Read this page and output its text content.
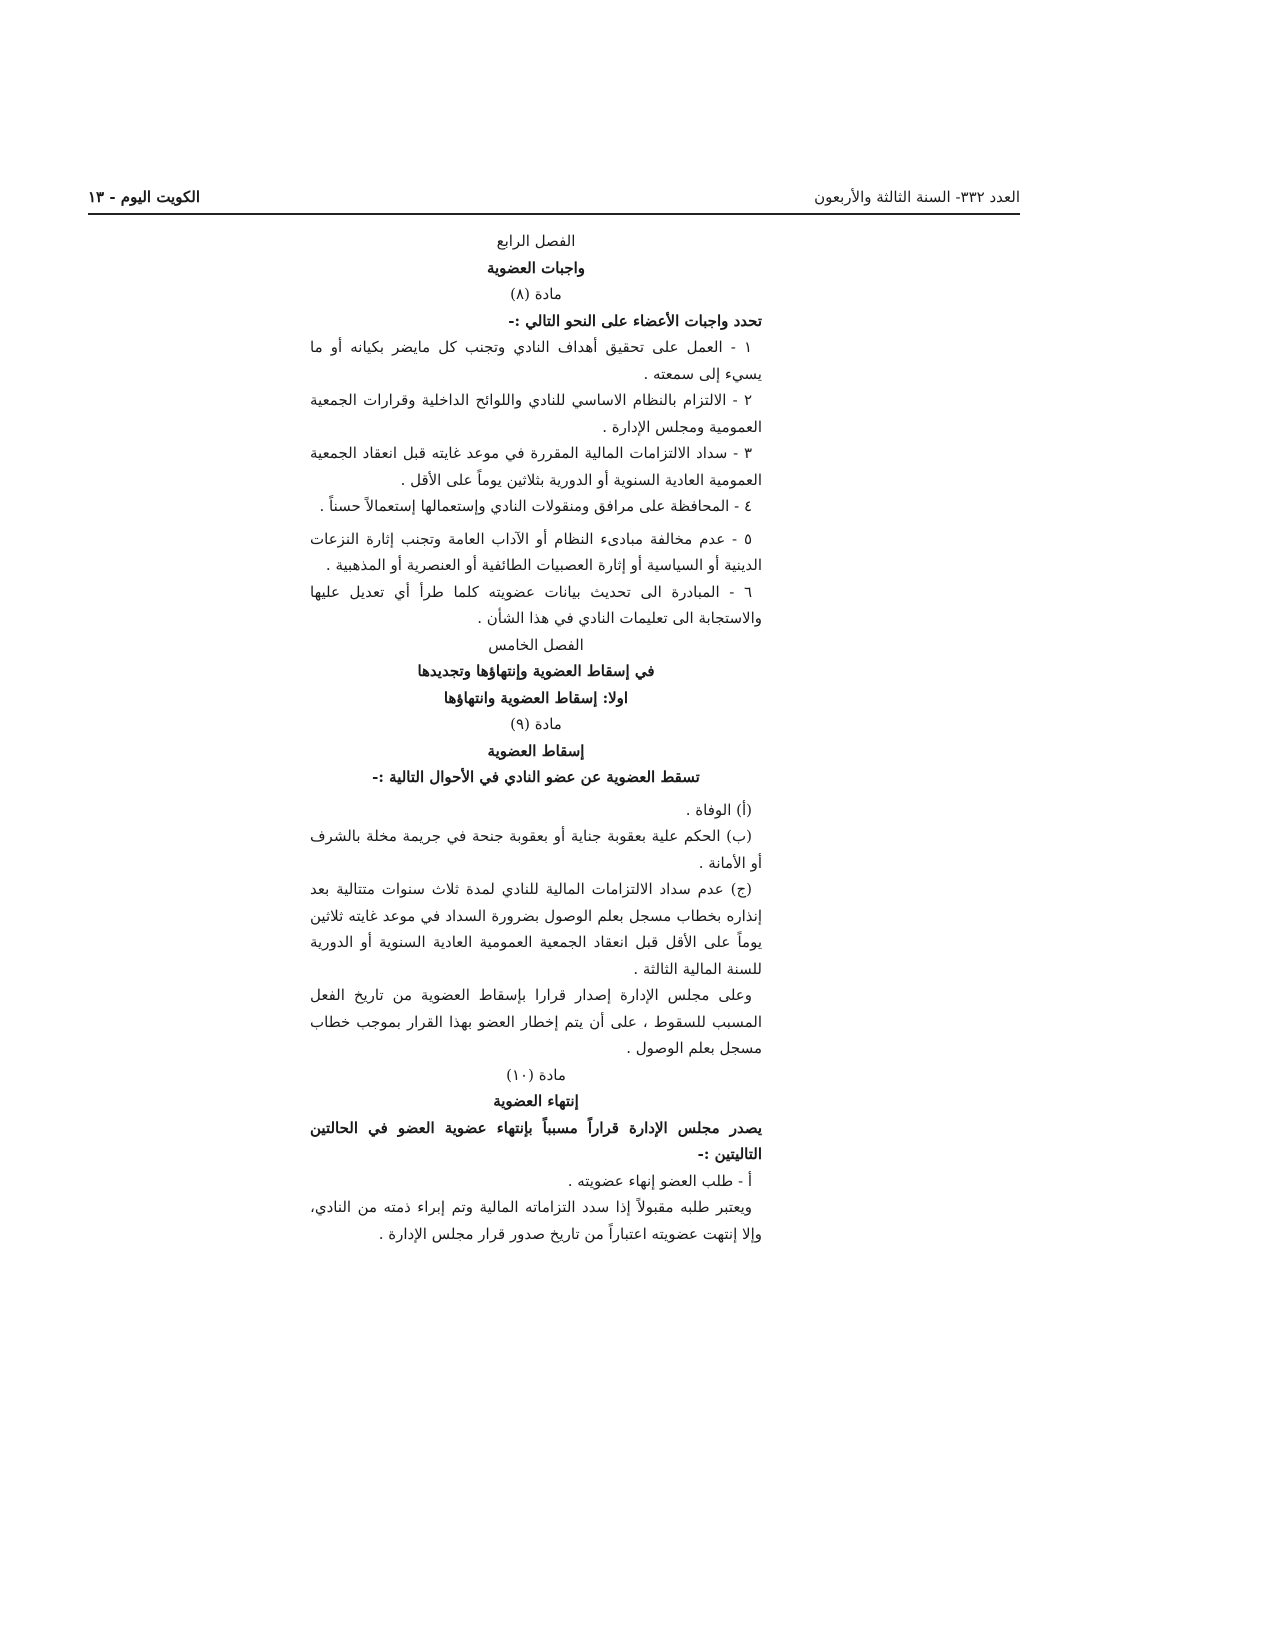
العدد ٣٣٢- السنة الثالثة والأربعون
الكويت اليوم - ١٣

الفصل الرابع

واجبات العضوية

مادة (٨)

تحدد واجبات الأعضاء على النحو التالي :-

١ - العمل على تحقيق أهداف النادي وتجنب كل مايضر بكيانه أو ما يسيء إلى سمعته .

٢ - الالتزام بالنظام الاساسي للنادي واللوائح الداخلية وقرارات الجمعية العمومية ومجلس الإدارة .

٣ - سداد الالتزامات المالية المقررة في موعد غايته قبل انعقاد الجمعية العمومية العادية السنوية أو الدورية بثلاثين يوماً على الأقل .

٤ - المحافظة على مرافق ومنقولات النادي وإستعمالها إستعمالاً حسناً .

٥ - عدم مخالفة مبادىء النظام أو الآداب العامة وتجنب إثارة النزعات الدينية أو السياسية أو إثارة العصبيات الطائفية أو العنصرية أو المذهبية .

٦ - المبادرة الى تحديث بيانات عضويته كلما طرأ أي تعديل عليها والاستجابة الى تعليمات النادي في هذا الشأن .

الفصل الخامس

في إسقاط العضوية وإنتهاؤها وتجديدها

اولا: إسقاط العضوية وانتهاؤها

مادة (٩)

إسقاط العضوية

تسقط العضوية عن عضو النادي في الأحوال التالية :-

(أ) الوفاة .

(ب) الحكم علية بعقوبة جناية أو بعقوبة جنحة في جريمة مخلة بالشرف أو الأمانة .

(ج) عدم سداد الالتزامات المالية للنادي لمدة ثلاث سنوات متتالية بعد إنذاره بخطاب مسجل بعلم الوصول بضرورة السداد في موعد غايته ثلاثين يوماً على الأقل قبل انعقاد الجمعية العمومية العادية السنوية أو الدورية للسنة المالية الثالثة .

وعلى مجلس الإدارة إصدار قرارا بإسقاط العضوية من تاريخ الفعل المسبب للسقوط ، على أن يتم إخطار العضو بهذا القرار بموجب خطاب مسجل بعلم الوصول .

مادة (١٠)

إنتهاء العضوية

يصدر مجلس الإدارة قراراً مسبباً بإنتهاء عضوية العضو في الحالتين التاليتين :-

أ - طلب العضو إنهاء عضويته .

ويعتبر طلبه مقبولاً إذا سدد التزاماته المالية وتم إبراء ذمته من النادي، وإلا إنتهت عضويته اعتباراً من تاريخ صدور قرار مجلس الإدارة .
